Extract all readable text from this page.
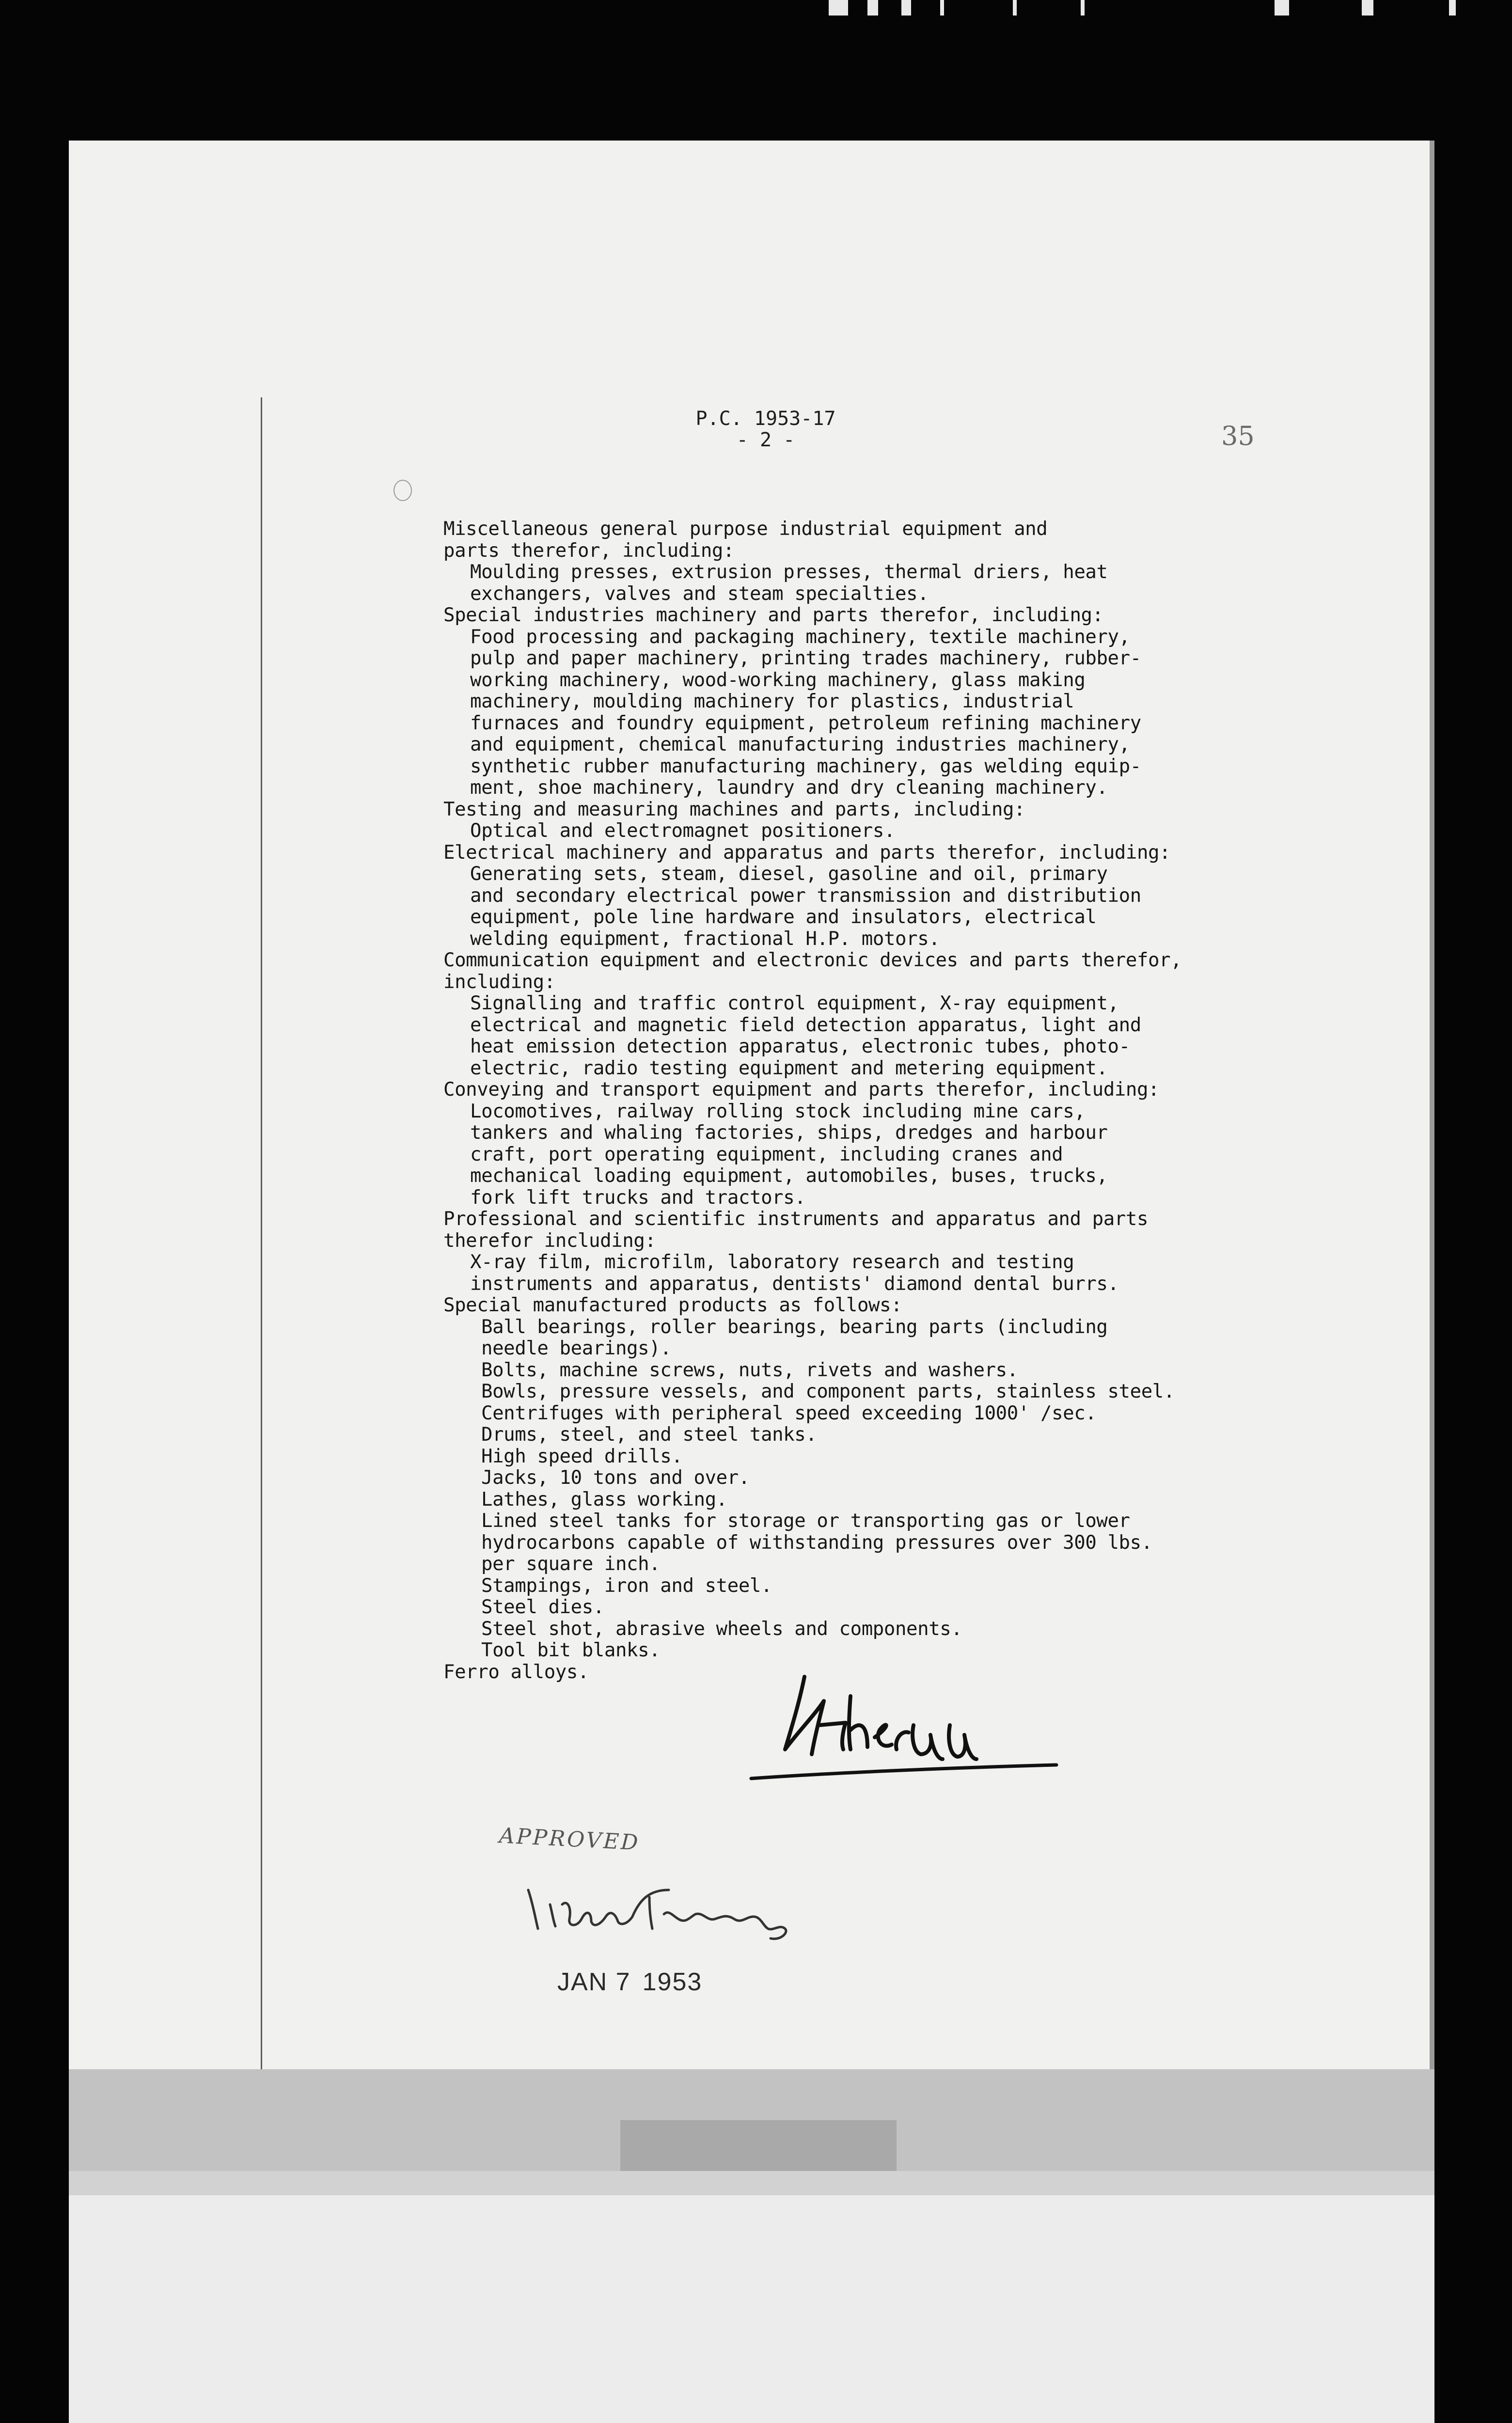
P.C. 1953-17
- 2 -	35
Miscellaneous general purpose industrial equipment and
parts therefor, including:
Moulding presses, extrusion presses, thermal driers, heat
exchangers, valves and steam specialties.
Special industries machinery and parts therefor, including:
Food processing and packaging machinery, textile machinery,
pulp and paper machinery, printing trades machinery, rubber-
working machinery, wood-working machinery, glass making
machinery, moulding machinery for plastics, industrial
furnaces and foundry equipment, petroleum refining machinery
and equipment, chemical manufacturing industries machinery,
synthetic rubber manufacturing machinery, gas welding equip-
ment, shoe machinery, laundry and dry cleaning machinery.
Testing and measuring machines and parts, including:
Optical and electromagnet positioners.
Electrical machinery and apparatus and parts therefor, including:
Generating sets, steam, diesel, gasoline and oil, primary
and secondary electrical power transmission and distribution
equipment, pole line hardware and insulators, electrical
welding equipment, fractional H.P. motors.
Communication equipment and electronic devices and parts therefor,
including:
Signalling and traffic control equipment, X-ray equipment,
electrical and magnetic field detection apparatus, light and
heat emission detection apparatus, electronic tubes, photo-
electric, radio testing equipment and metering equipment.
Conveying and transport equipment and parts therefor, including:
Locomotives, railway rolling stock including mine cars,
tankers and whaling factories, ships, dredges and harbour
craft, port operating equipment, including cranes and
mechanical loading equipment, automobiles, buses, trucks,
fork lift trucks and tractors.
Professional and scientific instruments and apparatus and parts
therefor including:
X-ray film, microfilm, laboratory research and testing
instruments and apparatus, dentists' diamond dental burrs.
Special manufactured products as follows:
Ball bearings, roller bearings, bearing parts (including
needle bearings).
Bolts, machine screws, nuts, rivets and washers.
Bowls, pressure vessels, and component parts, stainless steel.
Centrifuges with peripheral speed exceeding 1000' /sec.
Drums, steel, and steel tanks.
High speed drills.
Jacks, 10 tons and over.
Lathes, glass working.
Lined steel tanks for storage or transporting gas or lower
hydrocarbons capable of withstanding pressures over 300 lbs.
per square inch.
Stampings, iron and steel.
Steel dies.
Steel shot, abrasive wheels and components.
Tool bit blanks.
Ferro alloys.
APPROVED
JAN 7 1953
